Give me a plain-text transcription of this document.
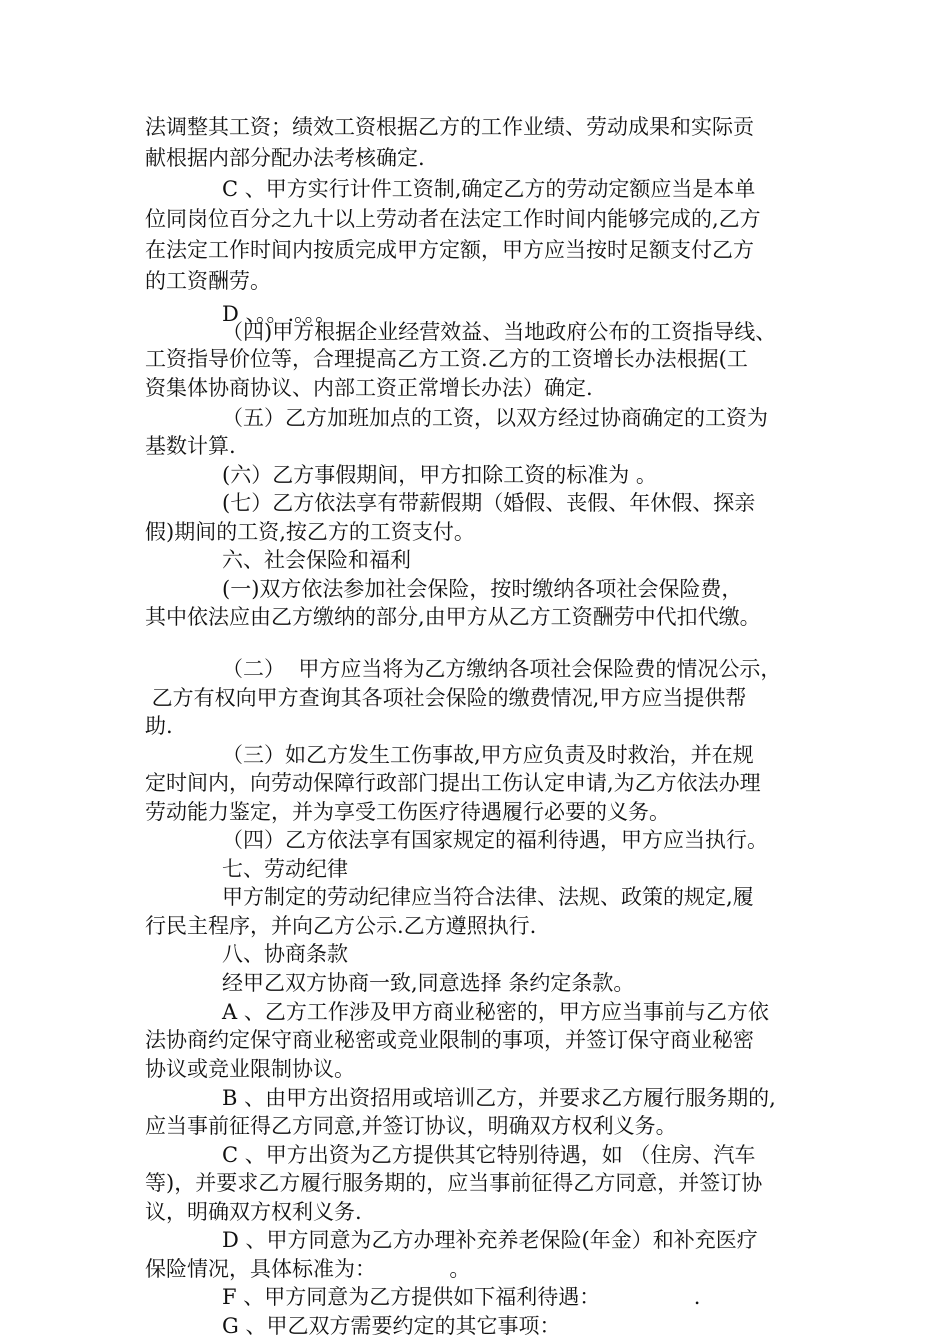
法调整其工资；绩效工资根据乙方的工作业绩、劳动成果和实际贡
献根据内部分配办法考核确定.
C 、甲方实行计件工资制,确定乙方的劳动定额应当是本单
位同岗位百分之九十以上劳动者在法定工作时间内能够完成的,乙方
在法定工作时间内按质完成甲方定额，甲方应当按时足额支付乙方
的工资酬劳。
D 、。。.。。。
（四)甲方根据企业经营效益、当地政府公布的工资指导线、
工资指导价位等，合理提高乙方工资.乙方的工资增长办法根据(工
资集体协商协议、内部工资正常增长办法）确定.
（五）乙方加班加点的工资，以双方经过协商确定的工资为
基数计算.
(六）乙方事假期间，甲方扣除工资的标准为 。
(七）乙方依法享有带薪假期（婚假、丧假、年休假、探亲
假)期间的工资,按乙方的工资支付。
六、社会保险和福利
(一)双方依法参加社会保险，按时缴纳各项社会保险费，
其中依法应由乙方缴纳的部分,由甲方从乙方工资酬劳中代扣代缴。
（二）  甲方应当将为乙方缴纳各项社会保险费的情况公示，
乙方有权向甲方查询其各项社会保险的缴费情况,甲方应当提供帮
助.
（三）如乙方发生工伤事故,甲方应负责及时救治，并在规
定时间内，向劳动保障行政部门提出工伤认定申请,为乙方依法办理
劳动能力鉴定，并为享受工伤医疗待遇履行必要的义务。
（四）乙方依法享有国家规定的福利待遇，甲方应当执行。
七、劳动纪律
甲方制定的劳动纪律应当符合法律、法规、政策的规定,履
行民主程序，并向乙方公示.乙方遵照执行.
八、协商条款
经甲乙双方协商一致,同意选择 条约定条款。
A 、乙方工作涉及甲方商业秘密的，甲方应当事前与乙方依
法协商约定保守商业秘密或竞业限制的事项，并签订保守商业秘密
协议或竞业限制协议。
B 、由甲方出资招用或培训乙方，并要求乙方履行服务期的,
应当事前征得乙方同意,并签订协议，明确双方权利义务。
C 、甲方出资为乙方提供其它特别待遇，如 （住房、汽车
等)，并要求乙方履行服务期的，应当事前征得乙方同意，并签订协
议，明确双方权利义务.
D 、甲方同意为乙方办理补充养老保险(年金）和补充医疗
保险情况，具体标准为：           。
F 、甲方同意为乙方提供如下福利待遇：              .
G 、甲乙双方需要约定的其它事项：
